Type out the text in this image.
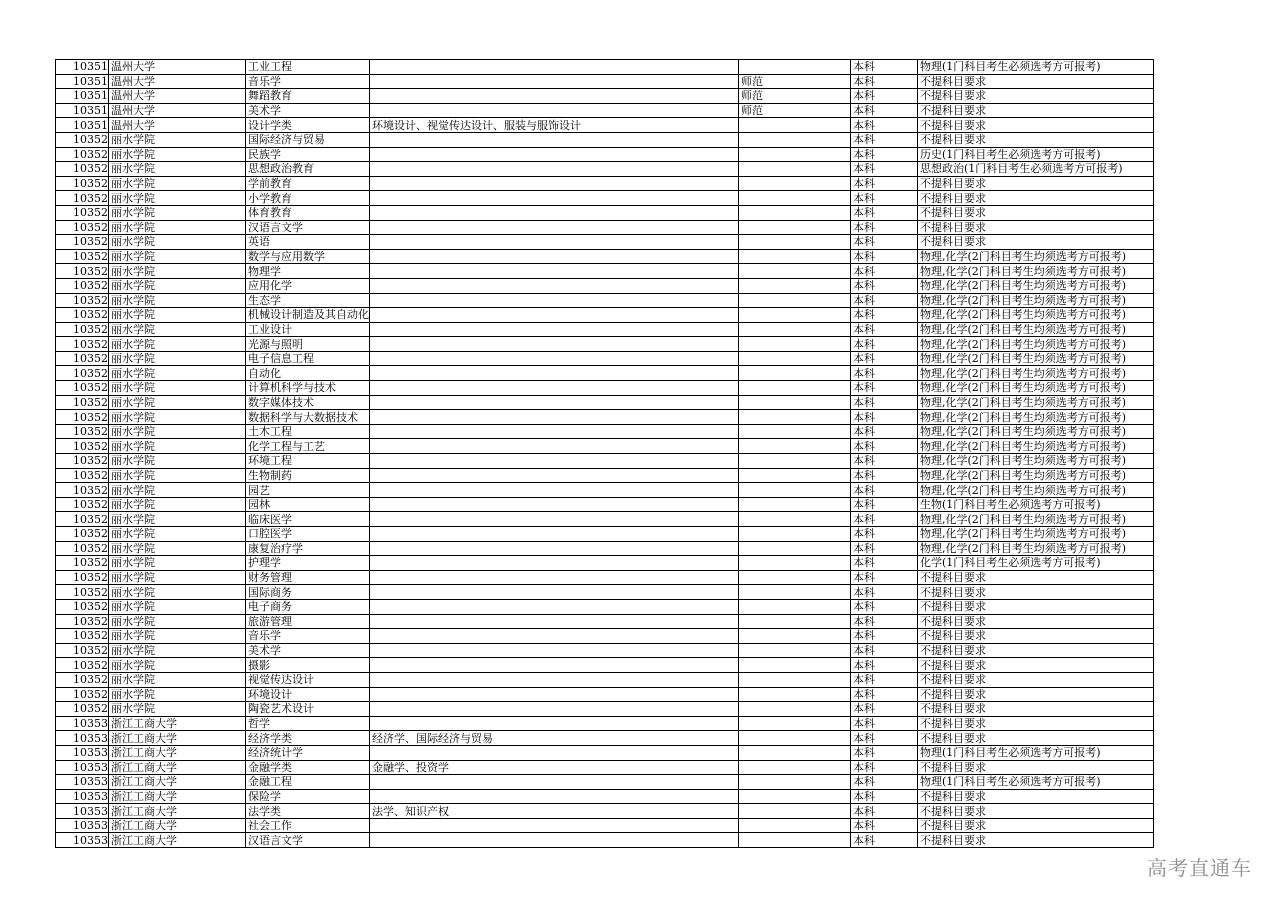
10351	温州大学	工业工程			本科	物理(1门科目考生必须选考方可报考)
10351	温州大学	音乐学		师范	本科	不提科目要求
10351	温州大学	舞蹈教育		师范	本科	不提科目要求
10351	温州大学	美术学		师范	本科	不提科目要求
10351	温州大学	设计学类	环境设计、视觉传达设计、服装与服饰设计		本科	不提科目要求
10352	丽水学院	国际经济与贸易			本科	不提科目要求
10352	丽水学院	民族学			本科	历史(1门科目考生必须选考方可报考)
10352	丽水学院	思想政治教育			本科	思想政治(1门科目考生必须选考方可报考)
10352	丽水学院	学前教育			本科	不提科目要求
10352	丽水学院	小学教育			本科	不提科目要求
10352	丽水学院	体育教育			本科	不提科目要求
10352	丽水学院	汉语言文学			本科	不提科目要求
10352	丽水学院	英语			本科	不提科目要求
10352	丽水学院	数学与应用数学			本科	物理,化学(2门科目考生均须选考方可报考)
10352	丽水学院	物理学			本科	物理,化学(2门科目考生均须选考方可报考)
10352	丽水学院	应用化学			本科	物理,化学(2门科目考生均须选考方可报考)
10352	丽水学院	生态学			本科	物理,化学(2门科目考生均须选考方可报考)
10352	丽水学院	机械设计制造及其自动化			本科	物理,化学(2门科目考生均须选考方可报考)
10352	丽水学院	工业设计			本科	物理,化学(2门科目考生均须选考方可报考)
10352	丽水学院	光源与照明			本科	物理,化学(2门科目考生均须选考方可报考)
10352	丽水学院	电子信息工程			本科	物理,化学(2门科目考生均须选考方可报考)
10352	丽水学院	自动化			本科	物理,化学(2门科目考生均须选考方可报考)
10352	丽水学院	计算机科学与技术			本科	物理,化学(2门科目考生均须选考方可报考)
10352	丽水学院	数字媒体技术			本科	物理,化学(2门科目考生均须选考方可报考)
10352	丽水学院	数据科学与大数据技术			本科	物理,化学(2门科目考生均须选考方可报考)
10352	丽水学院	土木工程			本科	物理,化学(2门科目考生均须选考方可报考)
10352	丽水学院	化学工程与工艺			本科	物理,化学(2门科目考生均须选考方可报考)
10352	丽水学院	环境工程			本科	物理,化学(2门科目考生均须选考方可报考)
10352	丽水学院	生物制药			本科	物理,化学(2门科目考生均须选考方可报考)
10352	丽水学院	园艺			本科	物理,化学(2门科目考生均须选考方可报考)
10352	丽水学院	园林			本科	生物(1门科目考生必须选考方可报考)
10352	丽水学院	临床医学			本科	物理,化学(2门科目考生均须选考方可报考)
10352	丽水学院	口腔医学			本科	物理,化学(2门科目考生均须选考方可报考)
10352	丽水学院	康复治疗学			本科	物理,化学(2门科目考生均须选考方可报考)
10352	丽水学院	护理学			本科	化学(1门科目考生必须选考方可报考)
10352	丽水学院	财务管理			本科	不提科目要求
10352	丽水学院	国际商务			本科	不提科目要求
10352	丽水学院	电子商务			本科	不提科目要求
10352	丽水学院	旅游管理			本科	不提科目要求
10352	丽水学院	音乐学			本科	不提科目要求
10352	丽水学院	美术学			本科	不提科目要求
10352	丽水学院	摄影			本科	不提科目要求
10352	丽水学院	视觉传达设计			本科	不提科目要求
10352	丽水学院	环境设计			本科	不提科目要求
10352	丽水学院	陶瓷艺术设计			本科	不提科目要求
10353	浙江工商大学	哲学			本科	不提科目要求
10353	浙江工商大学	经济学类	经济学、国际经济与贸易		本科	不提科目要求
10353	浙江工商大学	经济统计学			本科	物理(1门科目考生必须选考方可报考)
10353	浙江工商大学	金融学类	金融学、投资学		本科	不提科目要求
10353	浙江工商大学	金融工程			本科	物理(1门科目考生必须选考方可报考)
10353	浙江工商大学	保险学			本科	不提科目要求
10353	浙江工商大学	法学类	法学、知识产权		本科	不提科目要求
10353	浙江工商大学	社会工作			本科	不提科目要求
10353	浙江工商大学	汉语言文学			本科	不提科目要求
高考直通车
